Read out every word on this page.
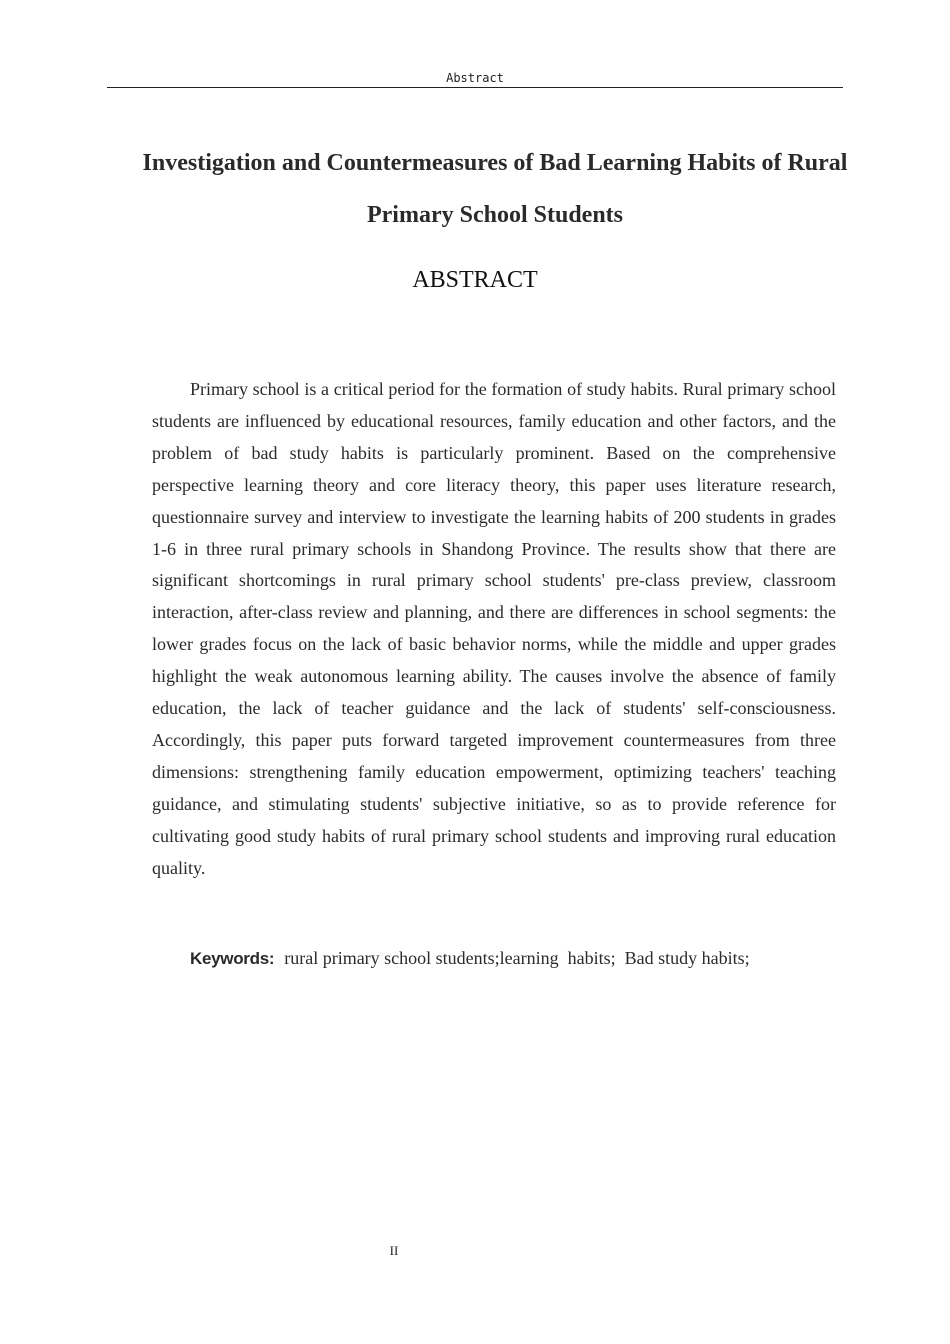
Abstract
Investigation and Countermeasures of Bad Learning Habits of Rural Primary School Students
ABSTRACT

Primary school is a critical period for the formation of study habits. Rural primary school students are influenced by educational resources, family education and other factors, and the problem of bad study habits is particularly prominent. Based on the comprehensive perspective learning theory and core literacy theory, this paper uses literature research, questionnaire survey and interview to investigate the learning habits of 200 students in grades 1-6 in three rural primary schools in Shandong Province. The results show that there are significant shortcomings in rural primary school students' pre-class preview, classroom interaction, after-class review and planning, and there are differences in school segments: the lower grades focus on the lack of basic behavior norms, while the middle and upper grades highlight the weak autonomous learning ability. The causes involve the absence of family education, the lack of teacher guidance and the lack of students' self-consciousness. Accordingly, this paper puts forward targeted improvement countermeasures from three dimensions: strengthening family education empowerment, optimizing teachers' teaching guidance, and stimulating students' subjective initiative, so as to provide reference for cultivating good study habits of rural primary school students and improving rural education quality.

Keywords: rural primary school students;learning  habits;  Bad study habits;

II
